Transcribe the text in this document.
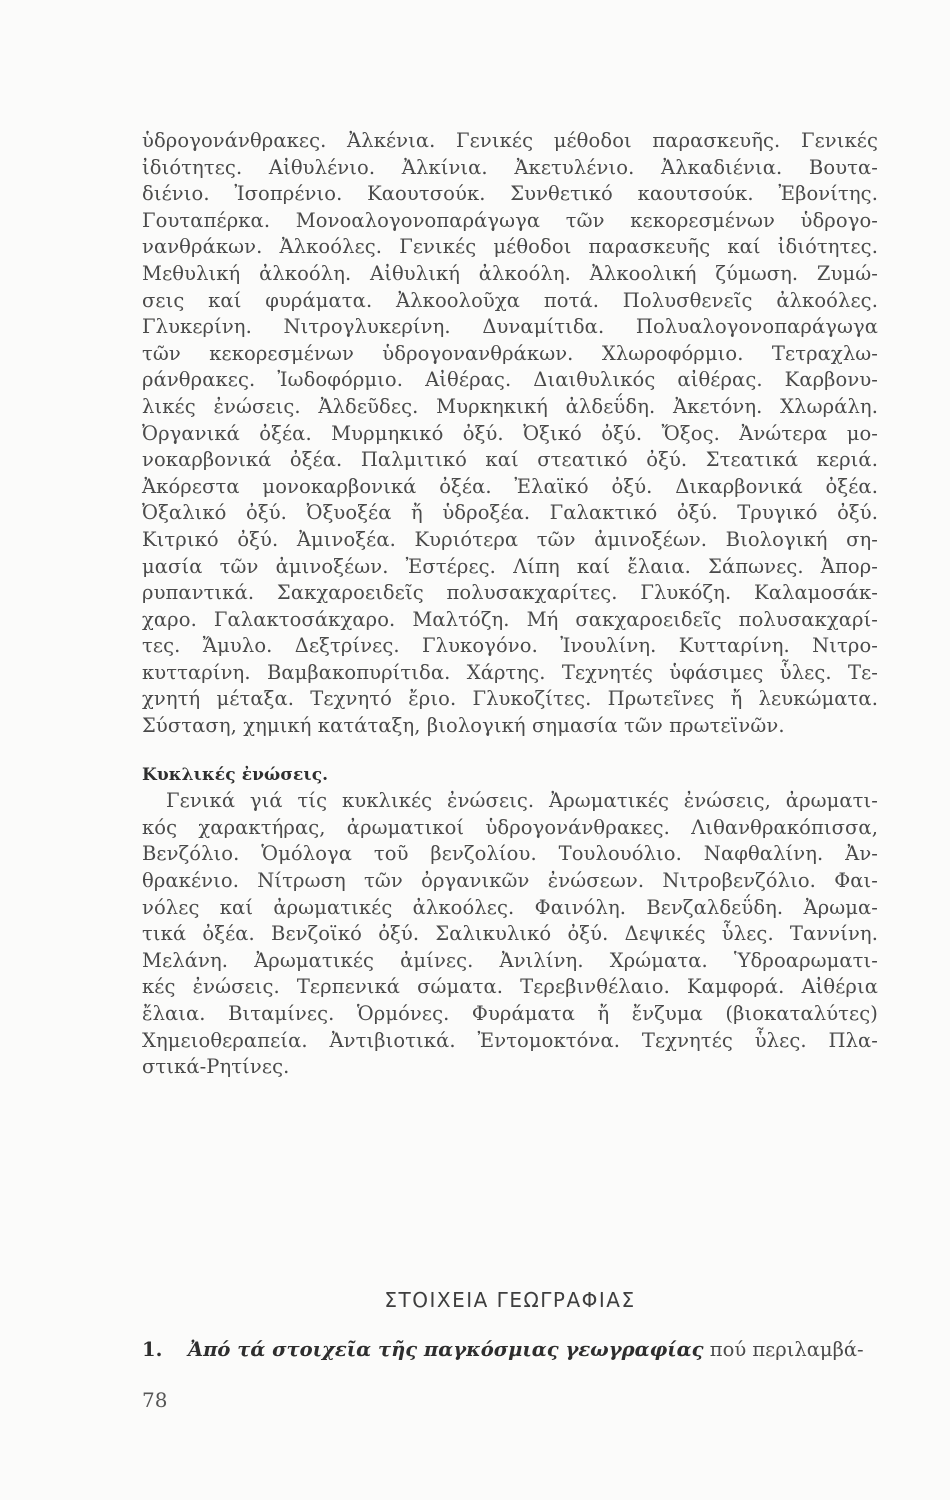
ὑδρογονάνθρακες. Ἀλκένια. Γενικές μέθοδοι παρασκευῆς. Γενικές
ἰδιότητες. Αἰθυλένιο. Ἀλκίνια. Ἀκετυλένιο. Ἀλκαδιένια. Βουτα-
διένιο. Ἰσοπρένιο. Καουτσούκ. Συνθετικό καουτσούκ. Ἐβονίτης.
Γουταπέρκα. Μονοαλογονοπαράγωγα τῶν κεκορεσμένων ὑδρογο-
νανθράκων. Ἀλκοόλες. Γενικές μέθοδοι παρασκευῆς καί ἰδιότητες.
Μεθυλική ἀλκοόλη. Αἰθυλική ἀλκοόλη. Ἀλκοολική ζύμωση. Ζυμώ-
σεις καί φυράματα. Ἀλκοολοῦχα ποτά. Πολυσθενεῖς ἀλκοόλες.
Γλυκερίνη. Νιτρογλυκερίνη. Δυναμίτιδα. Πολυαλογονοπαράγωγα
τῶν κεκορεσμένων ὑδρογονανθράκων. Χλωροφόρμιο. Τετραχλω-
ράνθρακες. Ἰωδοφόρμιο. Αἰθέρας. Διαιθυλικός αἰθέρας. Καρβονυ-
λικές ἐνώσεις. Ἀλδεῦδες. Μυρκηκική ἀλδεΰδη. Ἀκετόνη. Χλωράλη.
Ὀργανικά ὀξέα. Μυρμηκικό ὀξύ. Ὀξικό ὀξύ. Ὄξος. Ἀνώτερα μο-
νοκαρβονικά ὀξέα. Παλμιτικό καί στεατικό ὀξύ. Στεατικά κεριά.
Ἀκόρεστα μονοκαρβονικά ὀξέα. Ἐλαϊκό ὀξύ. Δικαρβονικά ὀξέα.
Ὀξαλικό ὀξύ. Ὀξυοξέα ἤ ὑδροξέα. Γαλακτικό ὀξύ. Τρυγικό ὀξύ.
Κιτρικό ὀξύ. Ἀμινοξέα. Κυριότερα τῶν ἀμινοξέων. Βιολογική ση-
μασία τῶν ἀμινοξέων. Ἐστέρες. Λίπη καί ἔλαια. Σάπωνες. Ἀπορ-
ρυπαντικά. Σακχαροειδεῖς πολυσακχαρίτες. Γλυκόζη. Καλαμοσάκ-
χαρο. Γαλακτοσάκχαρο. Μαλτόζη. Μή σακχαροειδεῖς πολυσακχαρί-
τες. Ἄμυλο. Δεξτρίνες. Γλυκογόνο. Ἰνουλίνη. Κυτταρίνη. Νιτρο-
κυτταρίνη. Βαμβακοπυρίτιδα. Χάρτης. Τεχνητές ὑφάσιμες ὗλες. Τε-
χνητή μέταξα. Τεχνητό ἔριο. Γλυκοζίτες. Πρωτεῖνες ἤ λευκώματα.
Σύσταση, χημική κατάταξη, βιολογική σημασία τῶν πρωτεϊνῶν.
Κυκλικές ἐνώσεις.
Γενικά γιά τίς κυκλικές ἐνώσεις. Ἀρωματικές ἐνώσεις, ἀρωματι-
κός χαρακτήρας, ἀρωματικοί ὑδρογονάνθρακες. Λιθανθρακόπισσα,
Βενζόλιο. Ὁμόλογα τοῦ βενζολίου. Τουλουόλιο. Ναφθαλίνη. Ἀν-
θρακένιο. Νίτρωση τῶν ὀργανικῶν ἐνώσεων. Νιτροβενζόλιο. Φαι-
νόλες καί ἀρωματικές ἀλκοόλες. Φαινόλη. Βενζαλδεΰδη. Ἀρωμα-
τικά ὀξέα. Βενζοϊκό ὀξύ. Σαλικυλικό ὀξύ. Δεψικές ὗλες. Ταννίνη.
Μελάνη. Ἀρωματικές ἀμίνες. Ἀνιλίνη. Χρώματα. Ὑδροαρωματι-
κές ἐνώσεις. Τερπενικά σώματα. Τερεβινθέλαιο. Καμφορά. Αἰθέρια
ἔλαια. Βιταμίνες. Ὁρμόνες. Φυράματα ἤ ἔνζυμα (βιοκαταλύτες)
Χημειοθεραπεία. Ἀντιβιοτικά. Ἐντομοκτόνα. Τεχνητές ὗλες. Πλα-
στικά-Ρητίνες.
ΣΤΟΙΧΕΙΑ ΓΕΩΓΡΑΦΙΑΣ
1. Ἀπό τά στοιχεῖα τῆς παγκόσμιας γεωγραφίας πού περιλαμβά-
78
